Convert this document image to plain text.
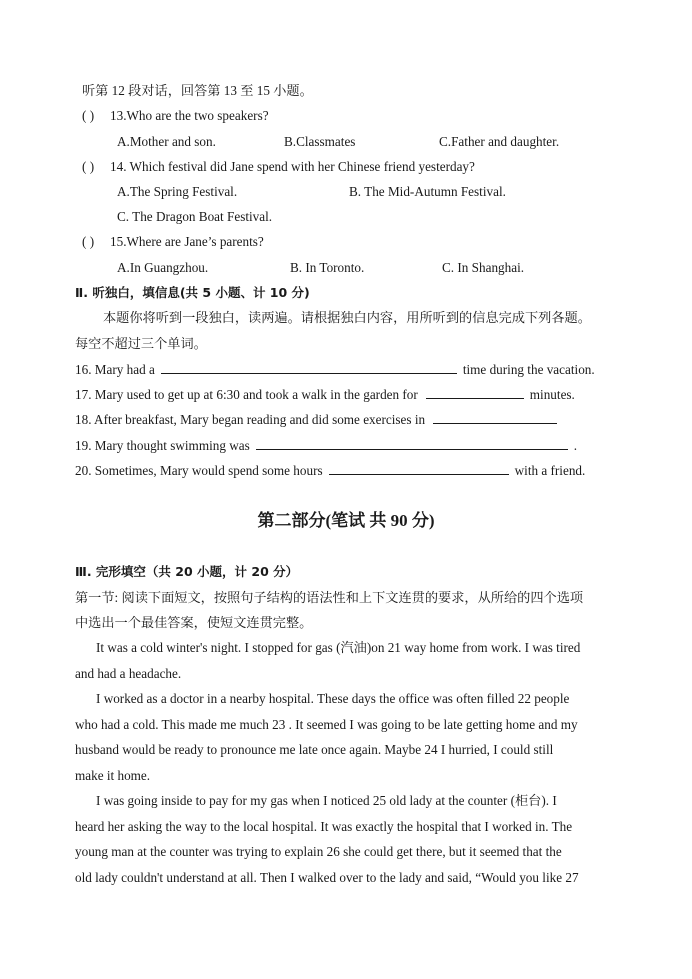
听第 12 段对话，回答第 13 至 15 小题。
( ) 13.Who are the two speakers?
A.Mother and son.	B.Classmates	C.Father and daughter.
( ) 14. Which festival did Jane spend with her Chinese friend yesterday?
A.The Spring Festival.	B. The Mid-Autumn Festival.
C. The Dragon Boat Festival.
( ) 15.Where are Jane’s parents?
A.In Guangzhou.	B. In Toronto.	C. In Shanghai.
Ⅱ. 听独白，填信息(共 5 小题、计 10 分)
本题你将听到一段独白，读两遍。请根据独白内容，用所听到的信息完成下列各题。
每空不超过三个单词。
16. Mary had a	time during the vacation.
17. Mary used to get up at 6:30 and took a walk in the garden for	minutes.
18. After breakfast, Mary began reading and did some exercises in
19. Mary thought swimming was	.
20. Sometimes, Mary would spend some hours	with a friend.
第二部分(笔试 共 90 分)
Ⅲ. 完形填空（共 20 小题，计 20 分）
第一节: 阅读下面短文，按照句子结构的语法性和上下文连贯的要求，从所给的四个选项
中选出一个最佳答案，使短文连贯完整。
It was a cold winter's night. I stopped for gas (汽油)on 21 way home from work. I was tired
and had a headache.
I worked as a doctor in a nearby hospital. These days the office was often filled 22 people
who had a cold. This made me much 23 . It seemed I was going to be late getting home and my
husband would be ready to pronounce me late once again. Maybe 24 I hurried, I could still
make it home.
I was going inside to pay for my gas when I noticed 25 old lady at the counter (柜台). I
heard her asking the way to the local hospital. It was exactly the hospital that I worked in. The
young man at the counter was trying to explain 26 she could get there, but it seemed that the
old lady couldn't understand at all. Then I walked over to the lady and said, “Would you like 27
